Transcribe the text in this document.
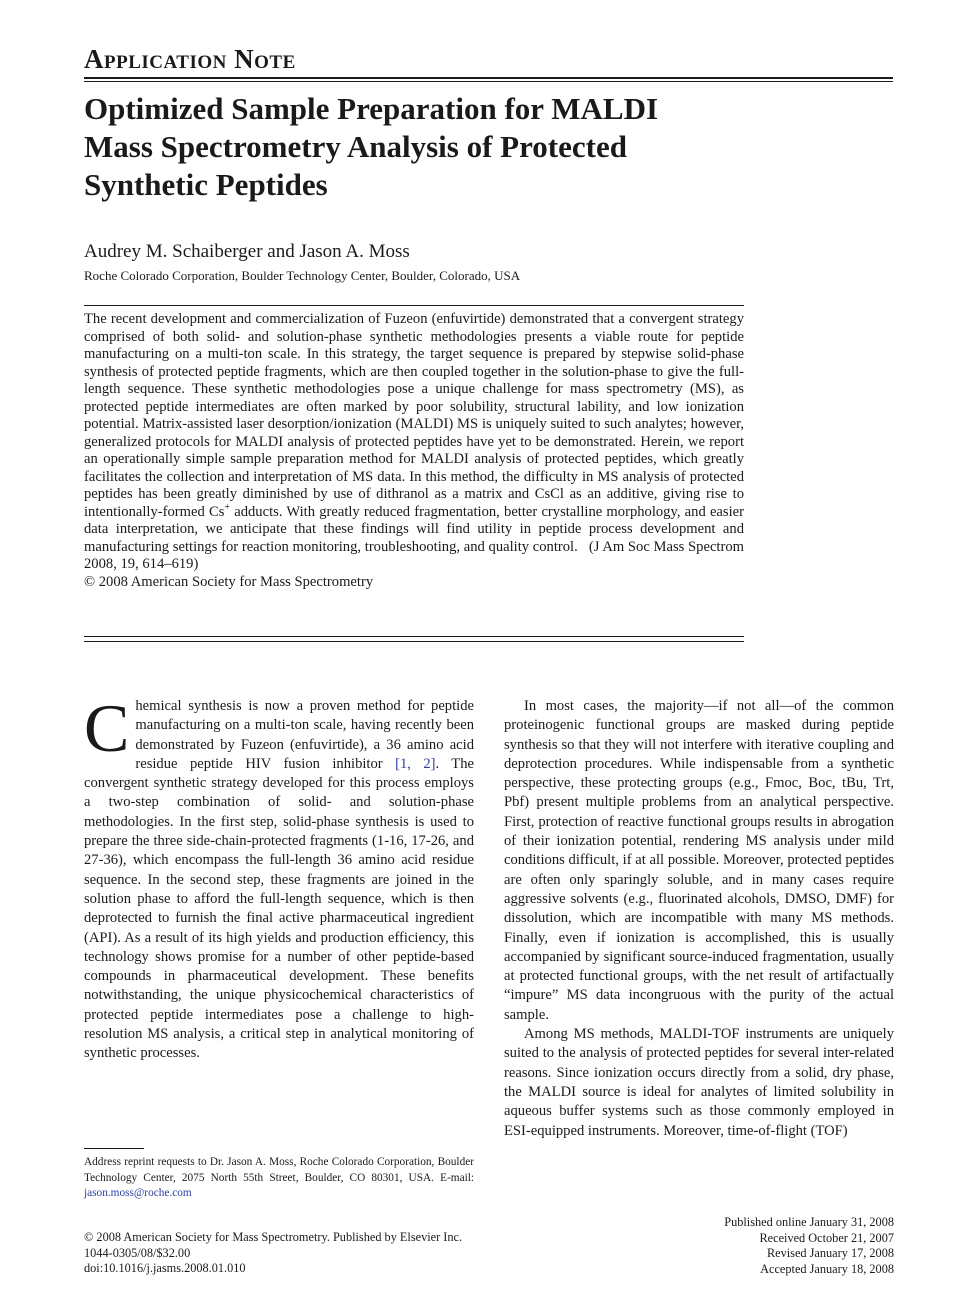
Application Note
Optimized Sample Preparation for MALDI
Mass Spectrometry Analysis of Protected
Synthetic Peptides
Audrey M. Schaiberger and Jason A. Moss
Roche Colorado Corporation, Boulder Technology Center, Boulder, Colorado, USA
The recent development and commercialization of Fuzeon (enfuvirtide) demonstrated that a convergent strategy comprised of both solid- and solution-phase synthetic methodologies presents a viable route for peptide manufacturing on a multi-ton scale. In this strategy, the target sequence is prepared by stepwise solid-phase synthesis of protected peptide fragments, which are then coupled together in the solution-phase to give the full-length sequence. These synthetic methodologies pose a unique challenge for mass spectrometry (MS), as protected peptide intermediates are often marked by poor solubility, structural lability, and low ionization potential. Matrix-assisted laser desorption/ionization (MALDI) MS is uniquely suited to such analytes; however, generalized protocols for MALDI analysis of protected peptides have yet to be demonstrated. Herein, we report an operationally simple sample preparation method for MALDI analysis of protected peptides, which greatly facilitates the collection and interpretation of MS data. In this method, the difficulty in MS analysis of protected peptides has been greatly diminished by use of dithranol as a matrix and CsCl as an additive, giving rise to intentionally-formed Cs+ adducts. With greatly reduced fragmentation, better crystalline morphology, and easier data interpretation, we anticipate that these findings will find utility in peptide process development and manufacturing settings for reaction monitoring, troubleshooting, and quality control. (J Am Soc Mass Spectrom 2008, 19, 614–619)
© 2008 American Society for Mass Spectrometry

Chemical synthesis is now a proven method for peptide manufacturing on a multi-ton scale, having recently been demonstrated by Fuzeon (enfuvirtide), a 36 amino acid residue peptide HIV fusion inhibitor [1, 2]. The convergent synthetic strategy developed for this process employs a two-step combination of solid- and solution-phase methodologies. In the first step, solid-phase synthesis is used to prepare the three side-chain-protected fragments (1-16, 17-26, and 27-36), which encompass the full-length 36 amino acid residue sequence. In the second step, these fragments are joined in the solution phase to afford the full-length sequence, which is then deprotected to furnish the final active pharmaceutical ingredient (API). As a result of its high yields and production efficiency, this technology shows promise for a number of other peptide-based compounds in pharmaceutical development. These benefits notwithstanding, the unique physicochemical characteristics of protected peptide intermediates pose a challenge to high-resolution MS analysis, a critical step in analytical monitoring of synthetic processes.

In most cases, the majority—if not all—of the common proteinogenic functional groups are masked during peptide synthesis so that they will not interfere with iterative coupling and deprotection procedures. While indispensable from a synthetic perspective, these protecting groups (e.g., Fmoc, Boc, tBu, Trt, Pbf) present multiple problems from an analytical perspective. First, protection of reactive functional groups results in abrogation of their ionization potential, rendering MS analysis under mild conditions difficult, if at all possible. Moreover, protected peptides are often only sparingly soluble, and in many cases require aggressive solvents (e.g., fluorinated alcohols, DMSO, DMF) for dissolution, which are incompatible with many MS methods. Finally, even if ionization is accomplished, this is usually accompanied by significant source-induced fragmentation, usually at protected functional groups, with the net result of artifactually “impure” MS data incongruous with the purity of the actual sample.

Among MS methods, MALDI-TOF instruments are uniquely suited to the analysis of protected peptides for several inter-related reasons. Since ionization occurs directly from a solid, dry phase, the MALDI source is ideal for analytes of limited solubility in aqueous buffer systems such as those commonly employed in ESI-equipped instruments. Moreover, time-of-flight (TOF)

Address reprint requests to Dr. Jason A. Moss, Roche Colorado Corporation, Boulder Technology Center, 2075 North 55th Street, Boulder, CO 80301, USA. E-mail: jason.moss@roche.com
© 2008 American Society for Mass Spectrometry. Published by Elsevier Inc.
1044-0305/08/$32.00
doi:10.1016/j.jasms.2008.01.010
Published online January 31, 2008
Received October 21, 2007
Revised January 17, 2008
Accepted January 18, 2008
